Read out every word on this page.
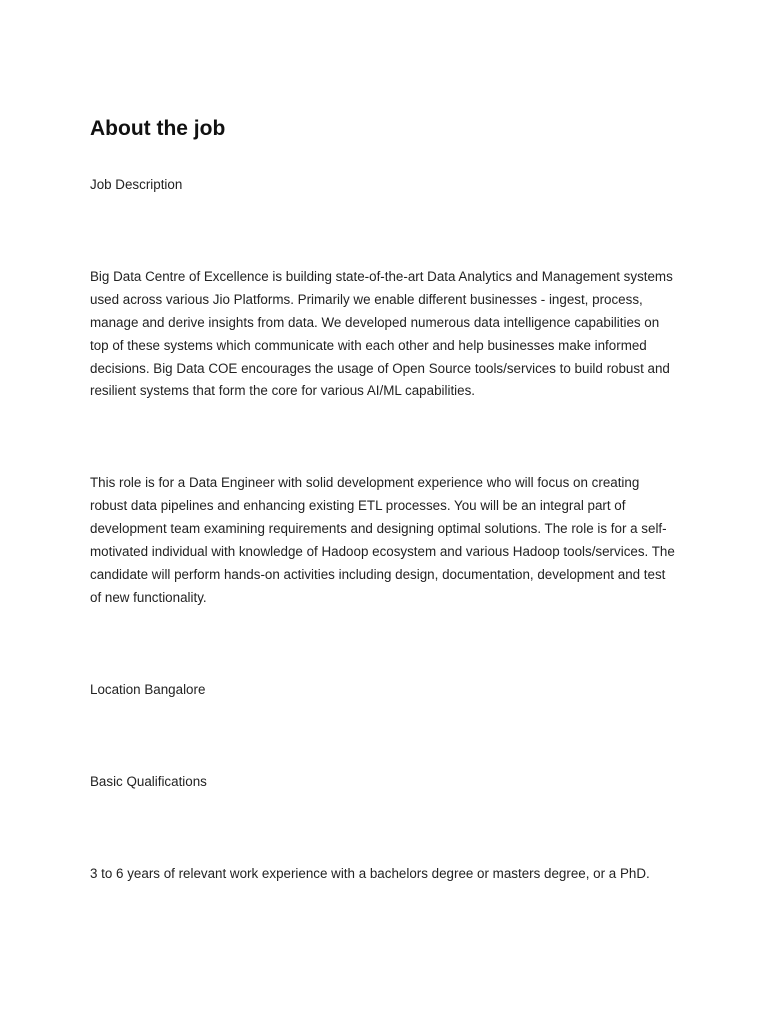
About the job

Job Description

Big Data Centre of Excellence is building state-of-the-art Data Analytics and Management systems used across various Jio Platforms. Primarily we enable different businesses - ingest, process, manage and derive insights from data. We developed numerous data intelligence capabilities on top of these systems which communicate with each other and help businesses make informed decisions. Big Data COE encourages the usage of Open Source tools/services to build robust and resilient systems that form the core for various AI/ML capabilities.

This role is for a Data Engineer with solid development experience who will focus on creating robust data pipelines and enhancing existing ETL processes. You will be an integral part of development team examining requirements and designing optimal solutions. The role is for a self-motivated individual with knowledge of Hadoop ecosystem and various Hadoop tools/services. The candidate will perform hands-on activities including design, documentation, development and test of new functionality.

Location Bangalore

Basic Qualifications

3 to 6 years of relevant work experience with a bachelors degree or masters degree, or a PhD.
